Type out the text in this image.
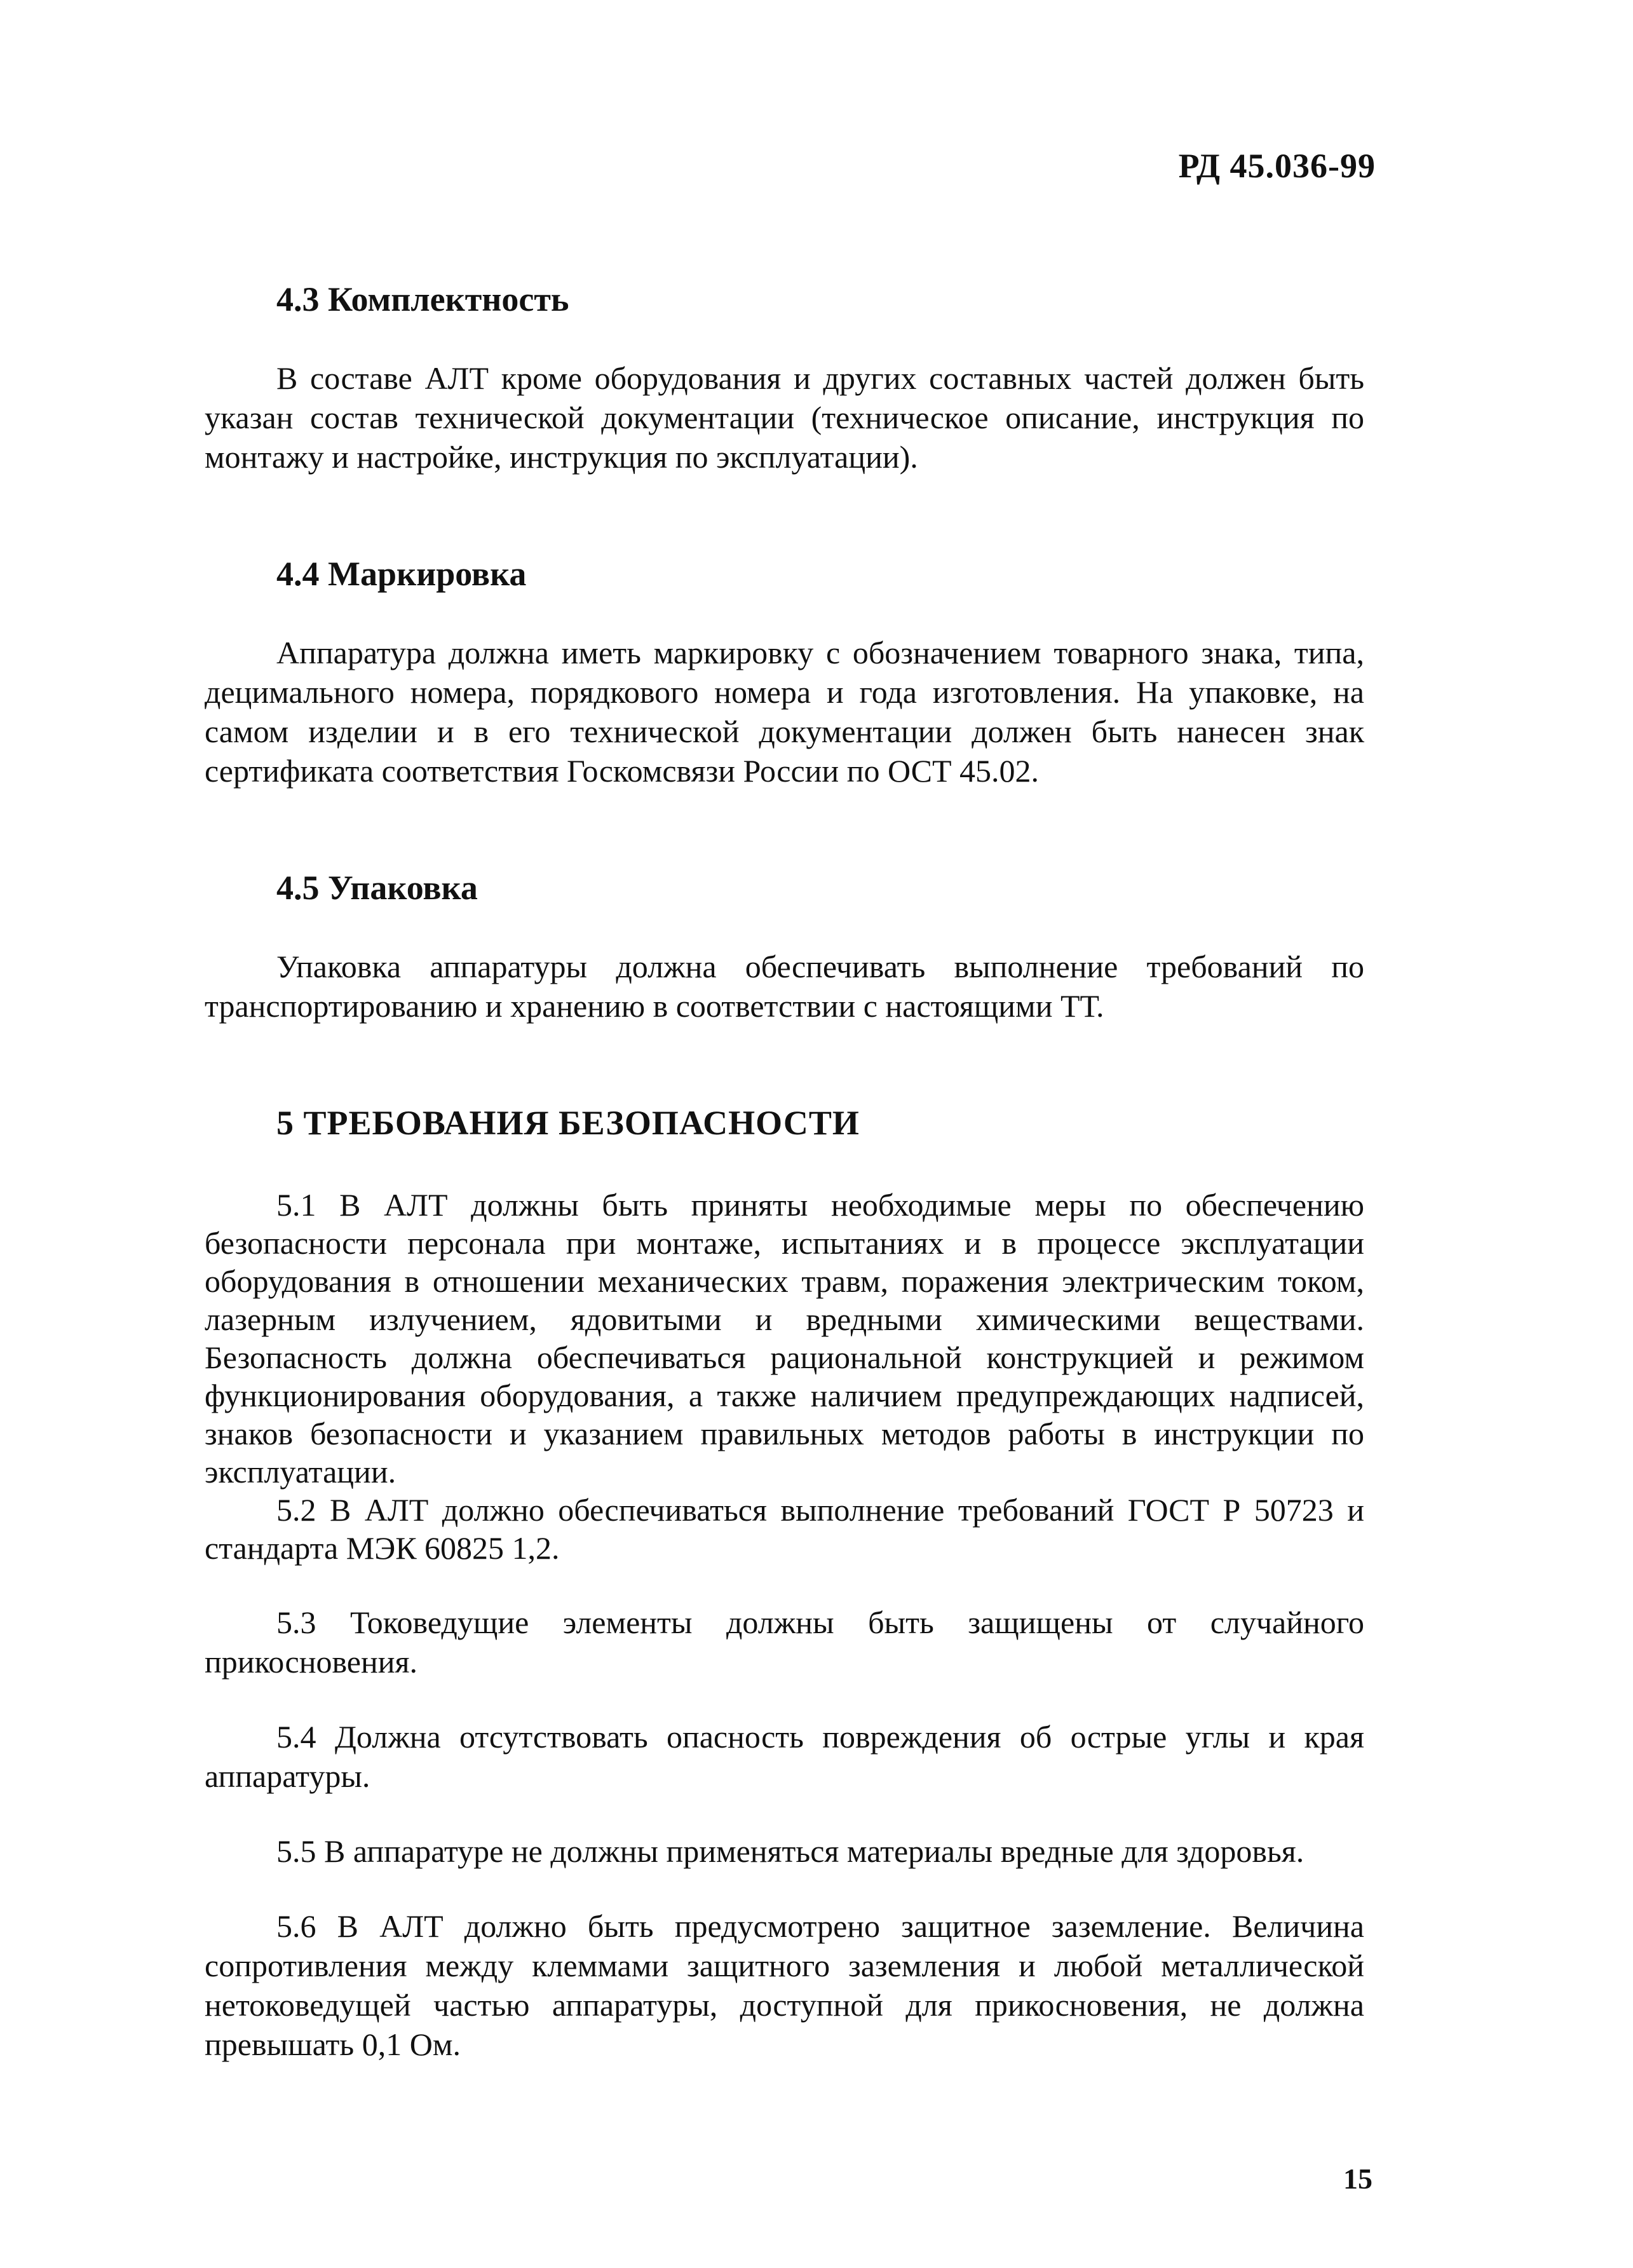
РД 45.036-99
4.3 Комплектность

В составе АЛТ кроме оборудования и других составных частей должен быть указан состав технической документации (техническое описание, инструкция по монтажу и настройке, инструкция по эксплуатации).

4.4 Маркировка

Аппаратура должна иметь маркировку с обозначением товарного знака, типа, децимального номера, порядкового номера и года изготовления. На упаковке, на самом изделии и в его технической документации должен быть нанесен знак сертификата соответствия Госкомсвязи России по ОСТ 45.02.

4.5 Упаковка

Упаковка аппаратуры должна обеспечивать выполнение требований по транспортированию и хранению в соответствии с настоящими ТТ.

5 ТРЕБОВАНИЯ БЕЗОПАСНОСТИ

5.1 В АЛТ должны быть приняты необходимые меры по обеспечению безопасности персонала при монтаже, испытаниях и в процессе эксплуатации оборудования в отношении механических травм, поражения электрическим током, лазерным излучением, ядовитыми и вредными химическими веществами. Безопасность должна обеспечиваться рациональной конструкцией и режимом функционирования оборудования, а также наличием предупреждающих надписей, знаков безопасности и указанием правильных методов работы в инструкции по эксплуатации.

5.2 В АЛТ должно обеспечиваться выполнение требований ГОСТ Р 50723 и стандарта МЭК 60825 1,2.

5.3 Токоведущие элементы должны быть защищены от случайного прикосновения.

5.4 Должна отсутствовать опасность повреждения об острые углы и края аппаратуры.

5.5 В аппаратуре не должны применяться материалы вредные для здоровья.

5.6 В АЛТ должно быть предусмотрено защитное заземление. Величина сопротивления между клеммами защитного заземления и любой металлической нетоковедущей частью аппаратуры, доступной для прикосновения, не должна превышать 0,1 Ом.

15
